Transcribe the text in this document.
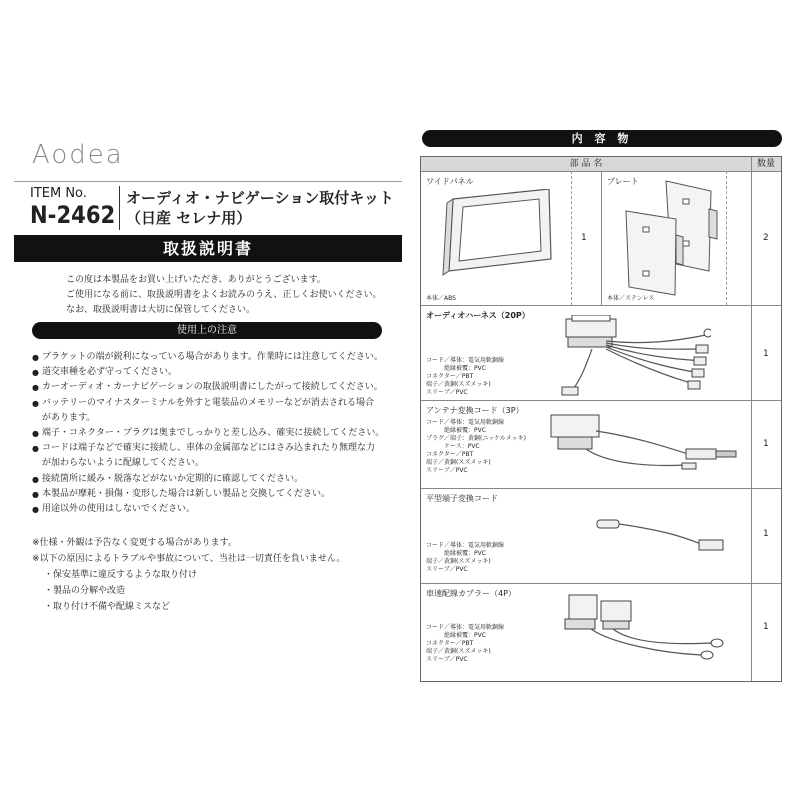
Aodea
ITEM No.
N-2462
オーディオ・ナビゲーション取付キット
（日産 セレナ用）
取扱説明書
この度は本製品をお買い上げいただき、ありがとうございます。
ご使用になる前に、取扱説明書をよくお読みのうえ、正しくお使いください。
なお、取扱説明書は大切に保管してください。
使用上の注意
● ブラケットの端が鋭利になっている場合があります。作業時には注意してください。
● 道交車種を必ず守ってください。
● カーオーディオ・カーナビゲーションの取扱説明書にしたがって接続してください。
● バッテリーのマイナスターミナルを外すと電装品のメモリーなどが消去される場合
があります。
● 端子・コネクター・プラグは奥までしっかりと差し込み、確実に接続してください。
● コードは端子などで確実に接続し、車体の金属部などにはさみ込まれたり無理な力
が加わらないように配線してください。
● 接続箇所に緩み・脱落などがないか定期的に確認してください。
● 本製品が摩耗・損傷・変形した場合は新しい製品と交換してください。
● 用途以外の使用はしないでください。
※仕様・外観は予告なく変更する場合があります。
※以下の原因によるトラブルや事故について、当社は一切責任を負いません。
・保安基準に違反するような取り付け
・製品の分解や改造
・取り付け不備や配線ミスなど
内 容 物
部 品 名	数量
ワイドパネル
本体／ABS
1
プレート
本体／ステンレス
2
オーディオハーネス（20P）
コード／導体：電気用軟銅線
　　　絶縁被覆：PVC
コネクター／PBT
端子／黄銅(スズメッキ)
スリーブ／PVC
1
アンテナ変換コード（3P）
コード／導体：電気用軟銅線
　　　絶縁被覆：PVC
プラグ／端子：黄銅(ニッケルメッキ)
　　　ケース：PVC
コネクター／PBT
端子／黄銅(スズメッキ)
スリーブ／PVC
1
平型端子変換コード
コード／導体：電気用軟銅線
　　　絶縁被覆：PVC
端子／黄銅(スズメッキ)
スリーブ／PVC
1
車速配線カプラー（4P）
コード／導体：電気用軟銅線
　　　絶縁被覆：PVC
コネクター／PBT
端子／黄銅(スズメッキ)
スリーブ／PVC
1
